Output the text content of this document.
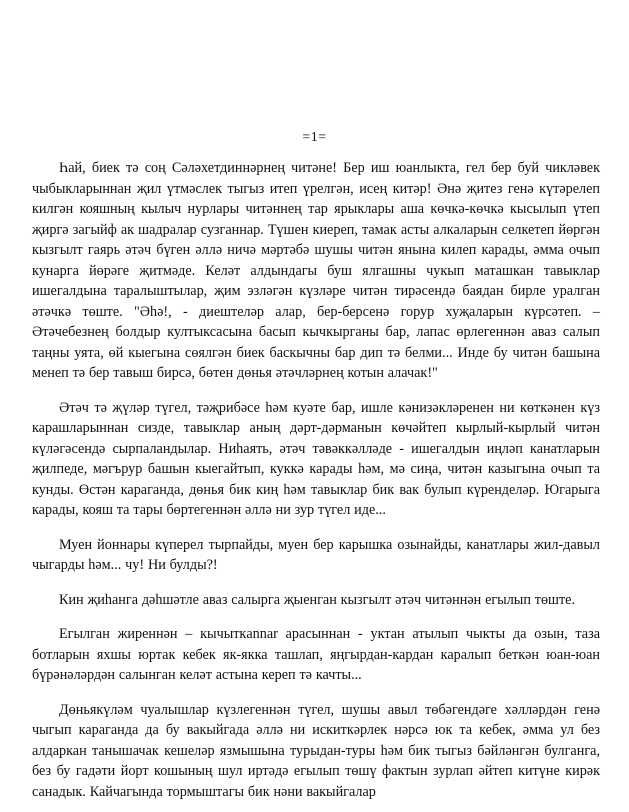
=1=

Һай, биек тә соң Сәләхетдиннәрнең читәне! Бер иш юанлыкта, гел бер буй чикләвек чыбыкларыннан җил үтмәслек тыгыз итеп үрелгән, исең китәр! Әнә җитез генә күтәрелеп килгән кояшның кылыч нурлары читәннең тар ярыклары аша көчкә-көчкә кысылып үтеп җиргә загыйф ак шадралар сузганнар. Түшен киереп, тамак асты алкаларын селкетеп йөргән кызгылт гаярь әтәч бүген әллә ничә мәртәбә шушы читән янына килеп карады, әмма очып кунарга йөрәге җитмәде. Келәт алдындагы буш ялгашны чукып маташкан тавыклар ишегалдына таралыштылар, җим эзләгән күзләре читән тирәсендә баядан бирле уралган әтәчкә төште. "Әһә!, - диештеләр алар, бер-берсенә горур хуҗаларын күрсәтеп. – Әтәчебезнең болдыр култыксасына басып кычкырганы бар, лапас өрлегеннән аваз салып таңны уята, өй кыегына сөялгән биек баскычны бар дип тә белми... Инде бу читән башына менеп тә бер тавыш бирсә, бөтен дөнья әтәчләрнең котын алачак!"

Әтәч тә җүләр түгел, тәҗрибәсе һәм куәте бар, ишле кәнизәкләренен ни көткәнен күз карашларыннан сизде, тавыклар аның дәрт-дәрманын көчәйтеп кырлый-кырлый читән күләгәсендә сырпаландылар. Ниһаять, әтәч тәвәккәлләде - ишегалдын иңләп канатларын җилпеде, мәгърур башын кыегайтып, куккә карады һәм, мә сиңа, читән казыгына очып та кунды. Өстән караганда, дөнья бик киң һәм тавыклар бик вак булып күренделәр. Югарыга карады, кояш та тары бөртегеннән әллә ни зур түгел иде...

Муен йоннары күперел тырпайды, муен бер карышка озынайды, канатлары жил-давыл чыгарды һәм... чу! Ни булды?!

Кин җиһанга дәһшәтле аваз салырга җыенган кызгылт әтәч читәннән егылып төште.

Егылган жиреннән – кычыткannar арасыннан - уктан атылып чыкты да озын, таза ботларын яхшы юртак кебек як-якка ташлап, яңгырдан-кардан каралып беткән юан-юан бүрәнәләрдән салынган келәт астына кереп тә качты...

Дөньякүләм чуалышлар күзлегеннән түгел, шушы авыл төбәгендәге хәлләрдән генә чыгып караганда да бу вакыйгада әллә ни искиткәрлек нәрсә юк та кебек, әмма ул без алдаркан танышачак кешеләр язмышына турыдан-туры һәм бик тыгыз бәйләнгән булганга, без бу гадәти йорт кошының шул иртәдә егылып төшү фактын зурлап әйтеп китүне кирәк санадык. Кайчагында тормыштагы бик нәни вакыйгалар
